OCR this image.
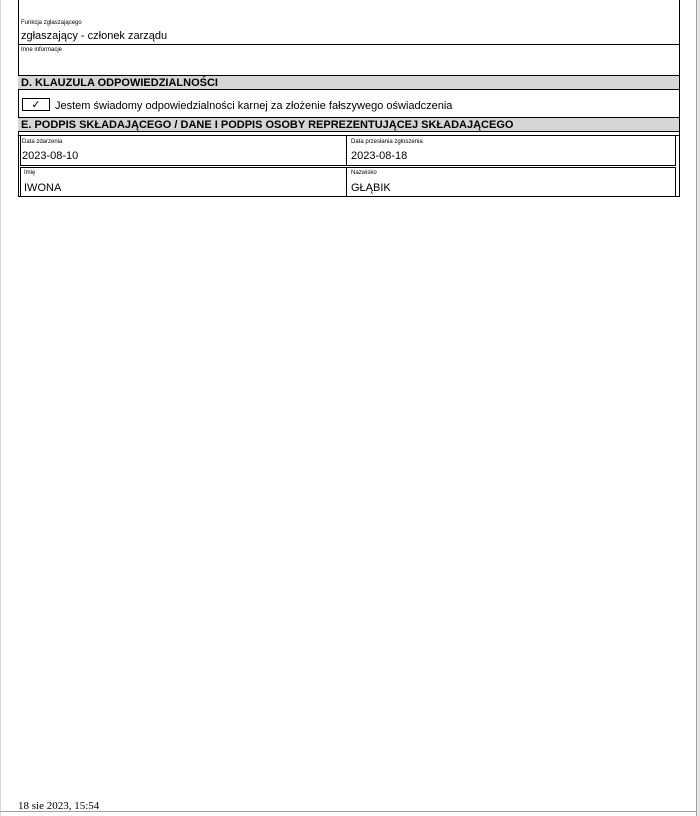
Funkcja zgłaszającego
zgłaszający - członek zarządu
Inne informacje
D. KLAUZULA ODPOWIEDZIALNOŚCI
✓	Jestem świadomy odpowiedzialności karnej za złożenie fałszywego oświadczenia
E. PODPIS SKŁADAJĄCEGO / DANE I PODPIS OSOBY REPREZENTUJĄCEJ SKŁADAJĄCEGO
Data zdarzenia
2023-08-10
Data przesłania zgłoszenia
2023-08-18
Imię
IWONA
Nazwisko
GŁĄBIK
18 sie 2023, 15:54
